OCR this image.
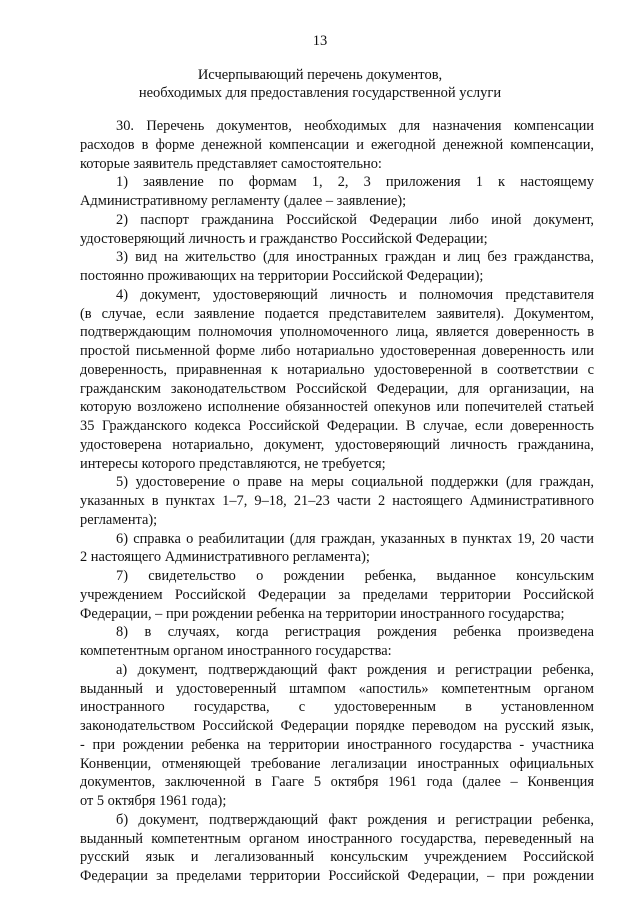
13
Исчерпывающий перечень документов,
необходимых для предоставления государственной услуги

30. Перечень документов, необходимых для назначения компенсации
расходов в форме денежной компенсации и ежегодной денежной компенсации,
которые заявитель представляет самостоятельно:

1) заявление по формам 1, 2, 3 приложения 1 к настоящему
Административному регламенту (далее – заявление);

2) паспорт гражданина Российской Федерации либо иной документ,
удостоверяющий личность и гражданство Российской Федерации;

3) вид на жительство (для иностранных граждан и лиц без гражданства,
постоянно проживающих на территории Российской Федерации);

4) документ, удостоверяющий личность и полномочия представителя
(в случае, если заявление подается представителем заявителя). Документом,
подтверждающим полномочия уполномоченного лица, является доверенность в
простой письменной форме либо нотариально удостоверенная доверенность или
доверенность, приравненная к нотариально удостоверенной в соответствии с
гражданским законодательством Российской Федерации, для организации, на
которую возложено исполнение обязанностей опекунов или попечителей статьей
35 Гражданского кодекса Российской Федерации. В случае, если доверенность
удостоверена нотариально, документ, удостоверяющий личность гражданина,
интересы которого представляются, не требуется;

5) удостоверение о праве на меры социальной поддержки (для граждан,
указанных в пунктах 1–7, 9–18, 21–23 части 2 настоящего Административного
регламента);

6) справка о реабилитации (для граждан, указанных в пунктах 19, 20 части
2 настоящего Административного регламента);

7) свидетельство о рождении ребенка, выданное консульским
учреждением Российской Федерации за пределами территории Российской
Федерации, – при рождении ребенка на территории иностранного государства;

8) в случаях, когда регистрация рождения ребенка произведена
компетентным органом иностранного государства:

а) документ, подтверждающий факт рождения и регистрации ребенка,
выданный и удостоверенный штампом «апостиль» компетентным органом
иностранного государства, с удостоверенным в установленном
законодательством Российской Федерации порядке переводом на русский язык,
- при рождении ребенка на территории иностранного государства - участника
Конвенции, отменяющей требование легализации иностранных официальных
документов, заключенной в Гааге 5 октября 1961 года (далее – Конвенция
от 5 октября 1961 года);

б) документ, подтверждающий факт рождения и регистрации ребенка,
выданный компетентным органом иностранного государства, переведенный на
русский язык и легализованный консульским учреждением Российской
Федерации за пределами территории Российской Федерации, – при рождении
